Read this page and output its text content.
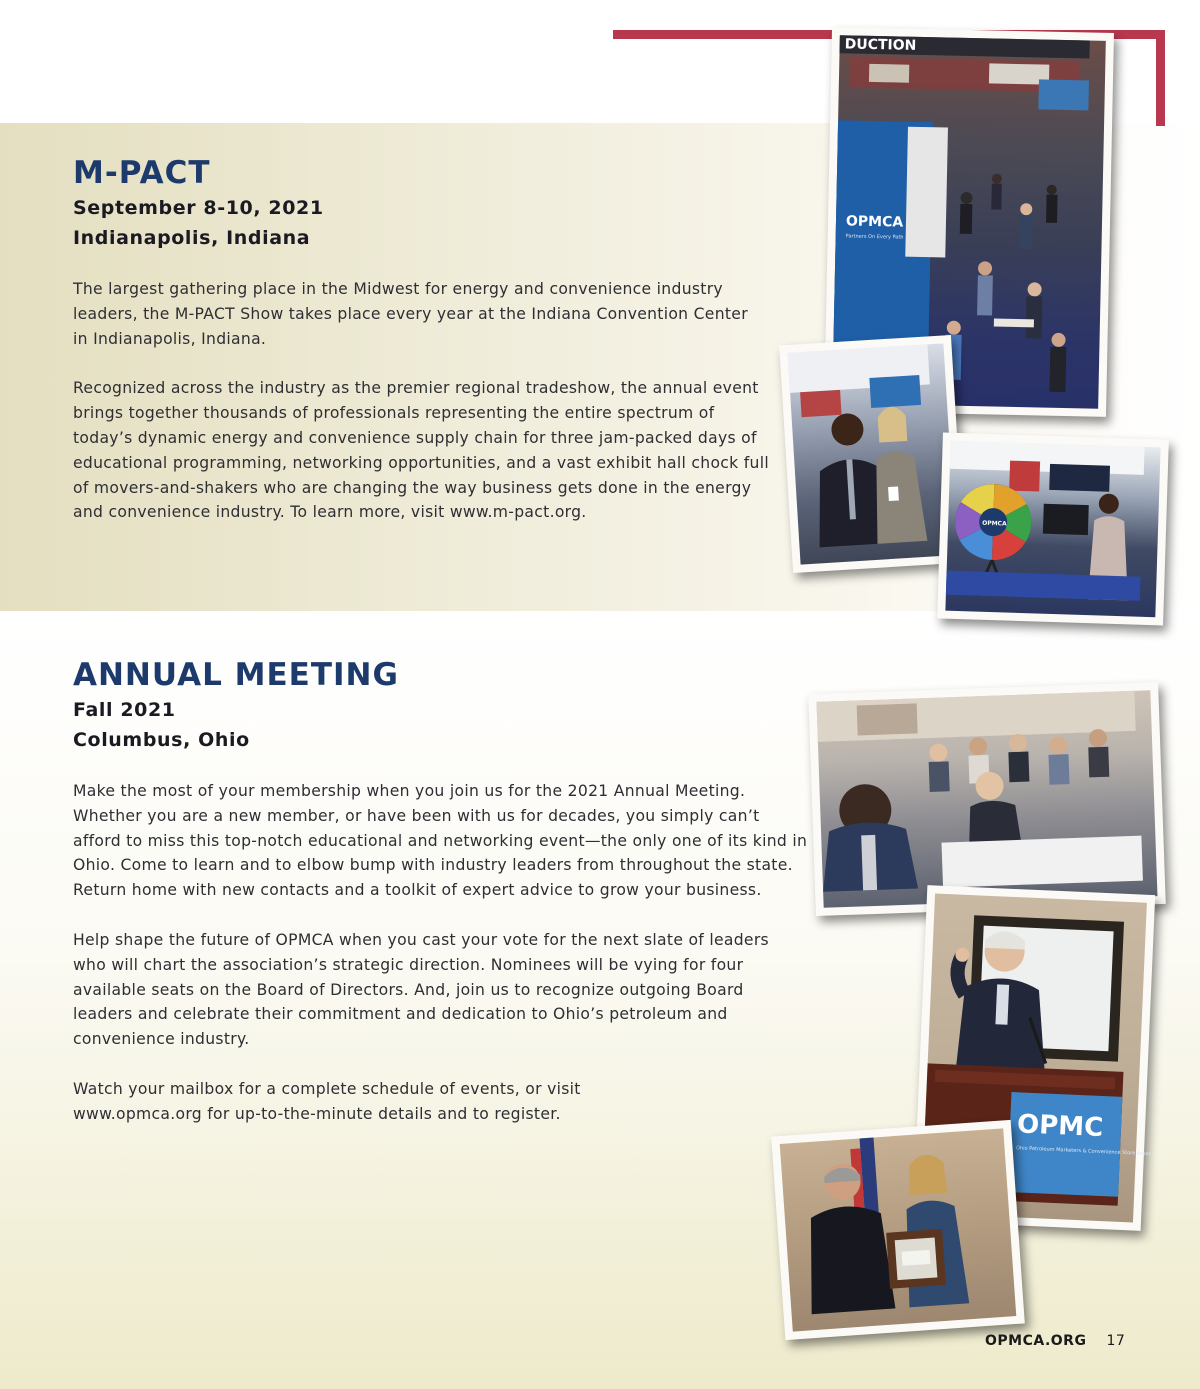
M-PACT

September 8-10, 2021

Indianapolis, Indiana

The largest gathering place in the Midwest for energy and convenience industry leaders, the M-PACT Show takes place every year at the Indiana Convention Center in Indianapolis, Indiana.

Recognized across the industry as the premier regional tradeshow, the annual event brings together thousands of professionals representing the entire spectrum of today’s dynamic energy and convenience supply chain for three jam-packed days of educational programming, networking opportunities, and a vast exhibit hall chock full of movers-and-shakers who are changing the way business gets done in the energy and convenience industry. To learn more, visit www.m-pact.org.

ANNUAL MEETING

Fall 2021

Columbus, Ohio

Make the most of your membership when you join us for the 2021 Annual Meeting. Whether you are a new member, or have been with us for decades, you simply can’t afford to miss this top-notch educational and networking event—the only one of its kind in Ohio. Come to learn and to elbow bump with industry leaders from throughout the state. Return home with new contacts and a toolkit of expert advice to grow your business.

Help shape the future of OPMCA when you cast your vote for the next slate of leaders who will chart the association’s strategic direction. Nominees will be vying for four available seats on the Board of Directors. And, join us to recognize outgoing Board leaders and celebrate their commitment and dedication to Ohio’s petroleum and convenience industry.

Watch your mailbox for a complete schedule of events, or visit www.opmca.org for up-to-the-minute details and to register.

DUCTION
OPMCA
Partners On Every Path
OPMCA
OPMC
Ohio Petroleum Marketers & Convenience Store Assoc.
OPMCA.ORG 17
